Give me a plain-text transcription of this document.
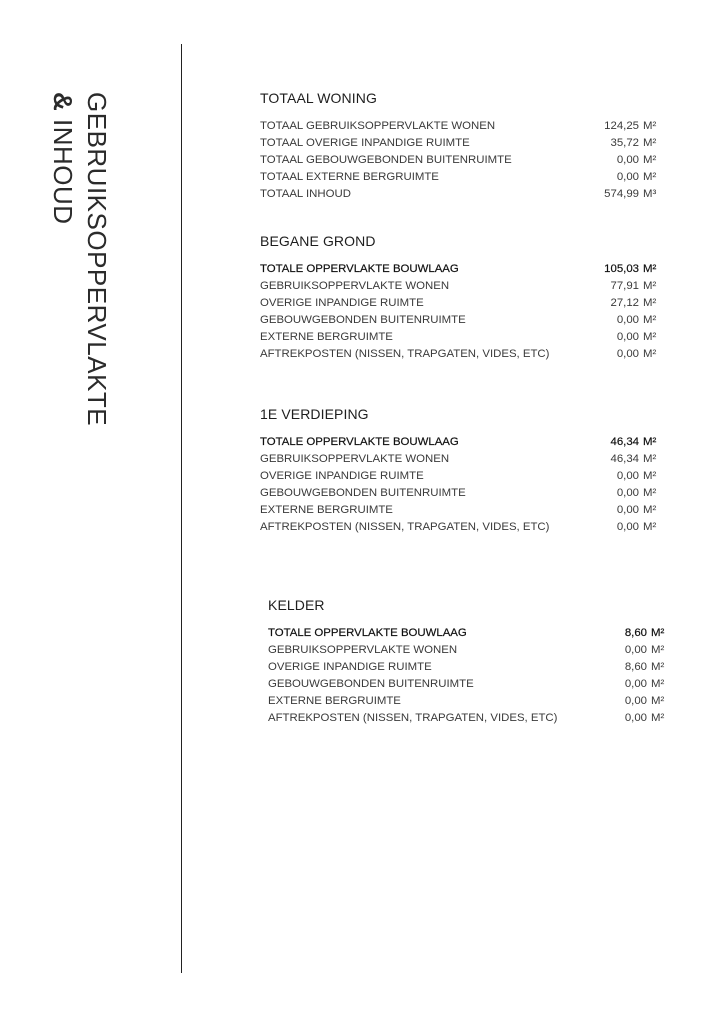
GEBRUIKSOPPERVLAKTE
& INHOUD
TOTAAL WONING
TOTAAL GEBRUIKSOPPERVLAKTE WONEN	124,25 M²
TOTAAL OVERIGE INPANDIGE RUIMTE	35,72 M²
TOTAAL GEBOUWGEBONDEN BUITENRUIMTE	0,00 M²
TOTAAL EXTERNE BERGRUIMTE	0,00 M²
TOTAAL INHOUD	574,99 M³
BEGANE GROND
TOTALE OPPERVLAKTE BOUWLAAG	105,03 M²
GEBRUIKSOPPERVLAKTE WONEN	77,91 M²
OVERIGE INPANDIGE RUIMTE	27,12 M²
GEBOUWGEBONDEN BUITENRUIMTE	0,00 M²
EXTERNE BERGRUIMTE	0,00 M²
AFTREKPOSTEN (NISSEN, TRAPGATEN, VIDES, ETC)	0,00 M²
1E VERDIEPING
TOTALE OPPERVLAKTE BOUWLAAG	46,34 M²
GEBRUIKSOPPERVLAKTE WONEN	46,34 M²
OVERIGE INPANDIGE RUIMTE	0,00 M²
GEBOUWGEBONDEN BUITENRUIMTE	0,00 M²
EXTERNE BERGRUIMTE	0,00 M²
AFTREKPOSTEN (NISSEN, TRAPGATEN, VIDES, ETC)	0,00 M²
KELDER
TOTALE OPPERVLAKTE BOUWLAAG	8,60 M²
GEBRUIKSOPPERVLAKTE WONEN	0,00 M²
OVERIGE INPANDIGE RUIMTE	8,60 M²
GEBOUWGEBONDEN BUITENRUIMTE	0,00 M²
EXTERNE BERGRUIMTE	0,00 M²
AFTREKPOSTEN (NISSEN, TRAPGATEN, VIDES, ETC)	0,00 M²
